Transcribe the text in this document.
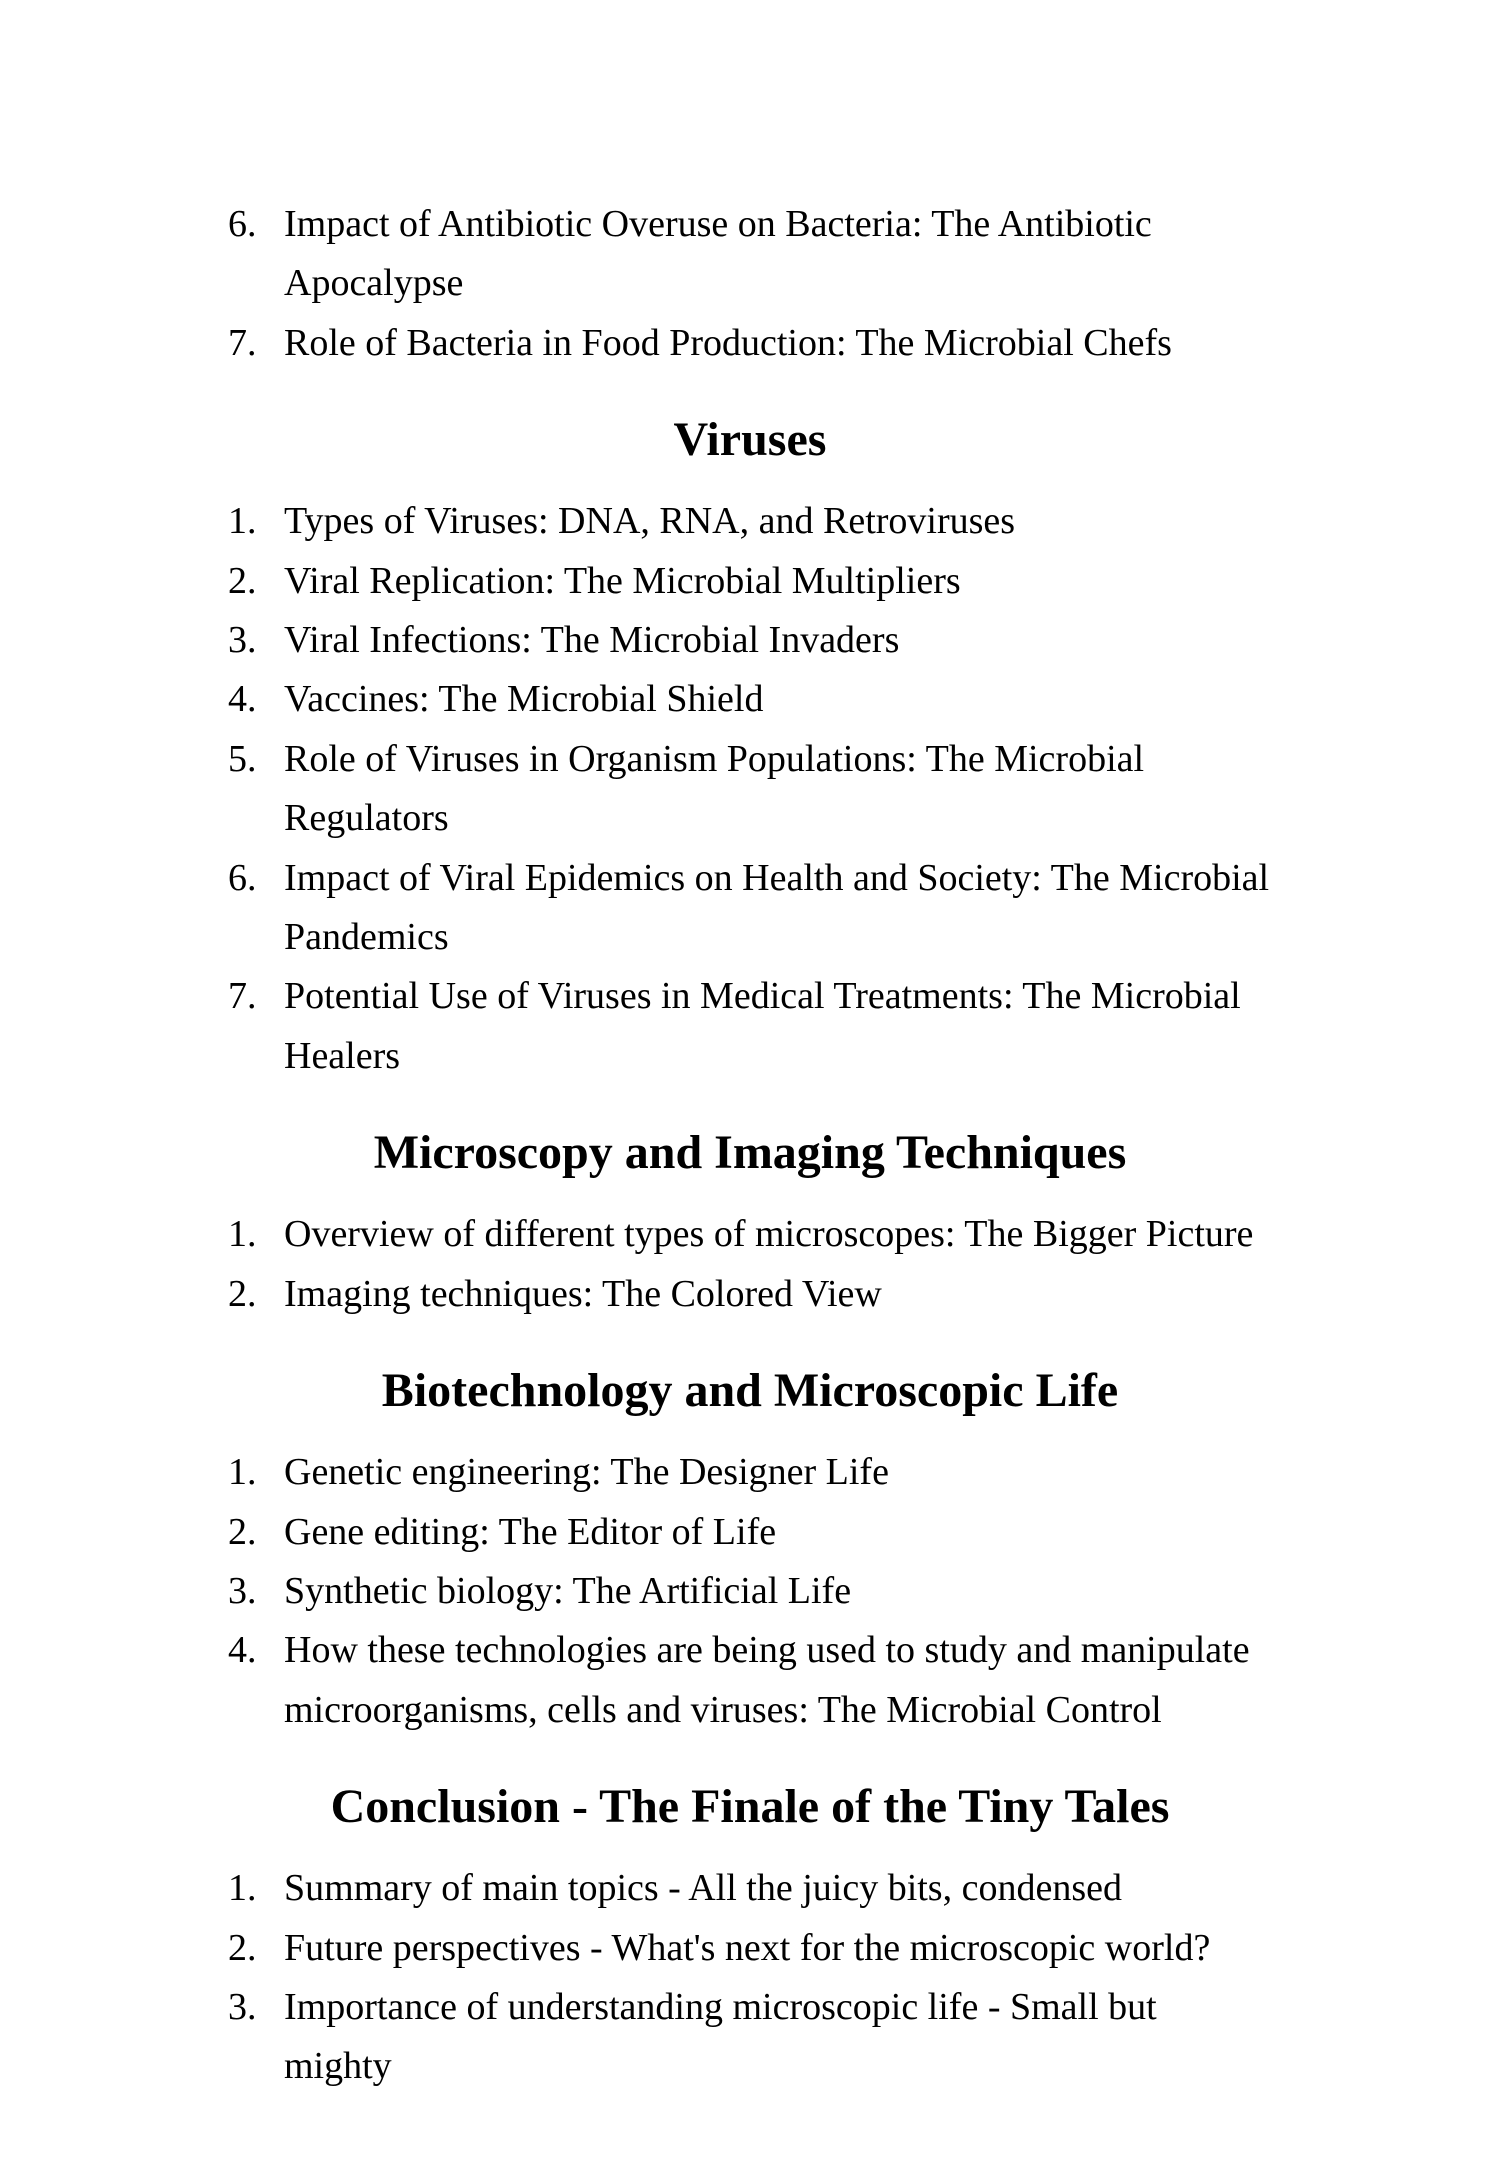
6. Impact of Antibiotic Overuse on Bacteria: The Antibiotic Apocalypse
7. Role of Bacteria in Food Production: The Microbial Chefs
Viruses
1. Types of Viruses: DNA, RNA, and Retroviruses
2. Viral Replication: The Microbial Multipliers
3. Viral Infections: The Microbial Invaders
4. Vaccines: The Microbial Shield
5. Role of Viruses in Organism Populations: The Microbial Regulators
6. Impact of Viral Epidemics on Health and Society: The Microbial Pandemics
7. Potential Use of Viruses in Medical Treatments: The Microbial Healers
Microscopy and Imaging Techniques
1. Overview of different types of microscopes: The Bigger Picture
2. Imaging techniques: The Colored View
Biotechnology and Microscopic Life
1. Genetic engineering: The Designer Life
2. Gene editing: The Editor of Life
3. Synthetic biology: The Artificial Life
4. How these technologies are being used to study and manipulate microorganisms, cells and viruses: The Microbial Control
Conclusion - The Finale of the Tiny Tales
1. Summary of main topics - All the juicy bits, condensed
2. Future perspectives - What's next for the microscopic world?
3. Importance of understanding microscopic life - Small but mighty
